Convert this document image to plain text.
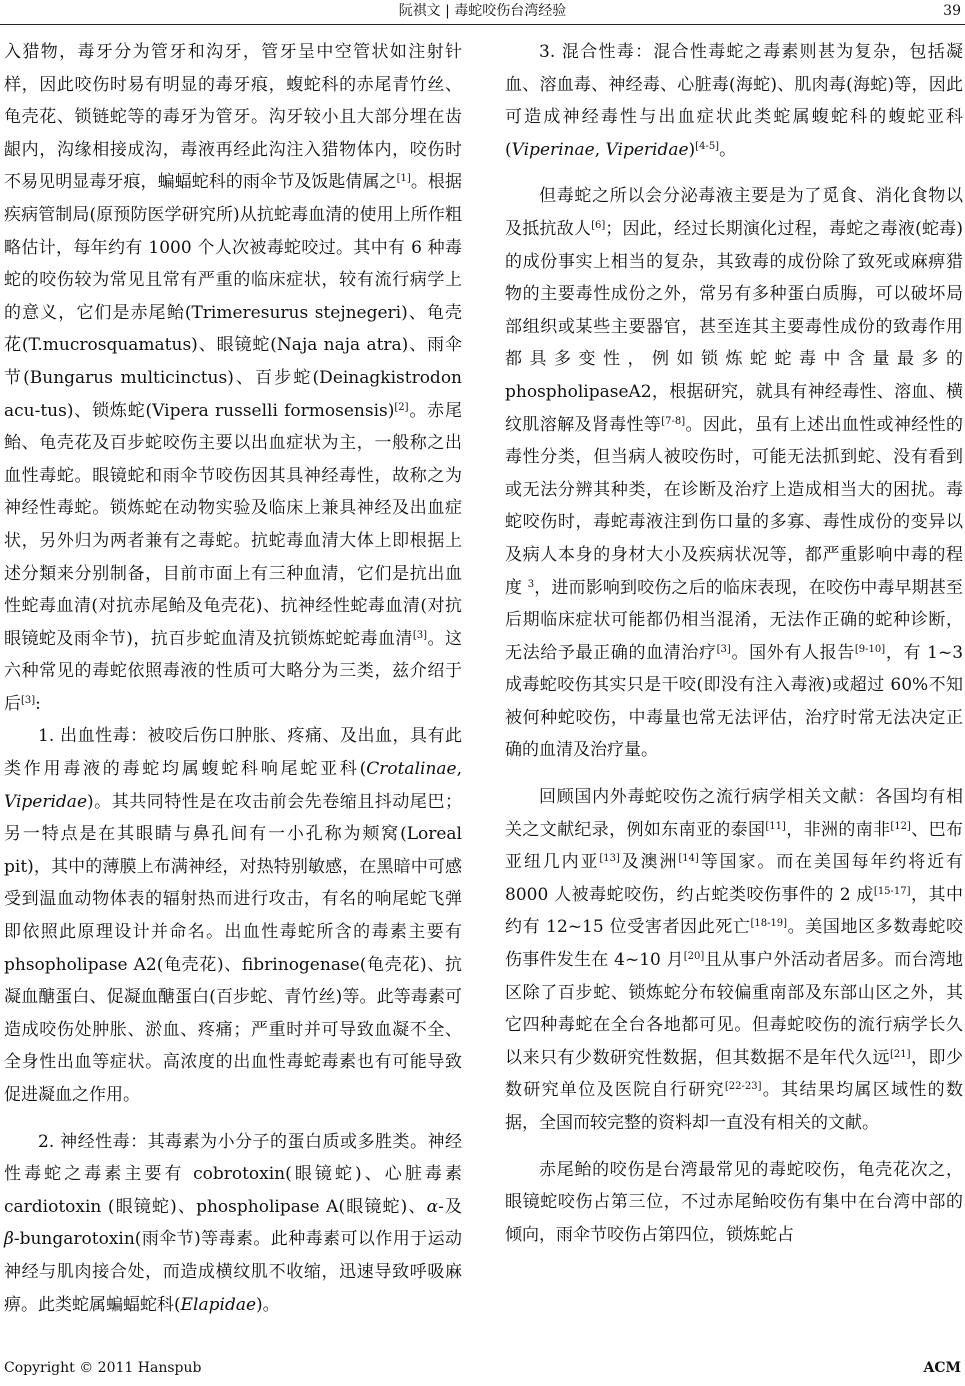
阮祺文 | 毒蛇咬伤台湾经验	39

入猎物，毒牙分为管牙和沟牙，管牙呈中空管状如注射针样，因此咬伤时易有明显的毒牙痕，蝮蛇科的赤尾青竹丝、龟壳花、锁链蛇等的毒牙为管牙。沟牙较小且大部分埋在齿龈内，沟缘相接成沟，毒液再经此沟注入猎物体内，咬伤时不易见明显毒牙痕，蝙蝠蛇科的雨伞节及饭匙倩属之[1]。根据疾病管制局(原预防医学研究所)从抗蛇毒血清的使用上所作粗略估计，每年约有 1000 个人次被毒蛇咬过。其中有 6 种毒蛇的咬伤较为常见且常有严重的临床症状，较有流行病学上的意义，它们是赤尾鲐(Trimeresurus stejnegeri)、龟壳花(T.mucrosquamatus)、眼镜蛇(Naja naja atra)、雨伞节(Bungarus multicinctus)、百步蛇(Deinagkistrodon acu-tus)、锁炼蛇(Vipera russelli formosensis)[2]。赤尾鲐、龟壳花及百步蛇咬伤主要以出血症状为主，一般称之出血性毒蛇。眼镜蛇和雨伞节咬伤因其具神经毒性，故称之为神经性毒蛇。锁炼蛇在动物实验及临床上兼具神经及出血症状，另外归为两者兼有之毒蛇。抗蛇毒血清大体上即根据上述分類来分别制备，目前市面上有三种血清，它们是抗出血性蛇毒血清(对抗赤尾鲐及龟壳花)、抗神经性蛇毒血清(对抗眼镜蛇及雨伞节)，抗百步蛇血清及抗锁炼蛇蛇毒血清[3]。这六种常见的毒蛇依照毒液的性质可大略分为三类，兹介绍于后[3]:

1. 出血性毒：被咬后伤口肿胀、疼痛、及出血，具有此类作用毒液的毒蛇均属蝮蛇科响尾蛇亚科(Crotalinae, Viperidae)。其共同特性是在攻击前会先卷缩且抖动尾巴；另一特点是在其眼睛与鼻孔间有一小孔称为颊窝(Loreal pit)，其中的薄膜上布满神经，对热特别敏感，在黑暗中可感受到温血动物体表的辐射热而进行攻击，有名的响尾蛇飞弹即依照此原理设计并命名。出血性毒蛇所含的毒素主要有 phsopholipase A2(龟壳花)、fibrinogenase(龟壳花)、抗凝血醣蛋白、促凝血醣蛋白(百步蛇、青竹丝)等。此等毒素可造成咬伤处肿胀、淤血、疼痛；严重时并可导致血凝不全、全身性出血等症状。高浓度的出血性毒蛇毒素也有可能导致促进凝血之作用。

2. 神经性毒：其毒素为小分子的蛋白质或多胜类。神经性毒蛇之毒素主要有 cobrotoxin(眼镜蛇)、心脏毒素 cardiotoxin (眼镜蛇)、phospholipase A(眼镜蛇)、α-及 β-bungarotoxin(雨伞节)等毒素。此种毒素可以作用于运动神经与肌肉接合处，而造成横纹肌不收缩，迅速导致呼吸麻痹。此类蛇属蝙蝠蛇科(Elapidae)。

3. 混合性毒：混合性毒蛇之毒素则甚为复杂，包括凝血、溶血毒、神经毒、心脏毒(海蛇)、肌肉毒(海蛇)等，因此可造成神经毒性与出血症状此类蛇属蝮蛇科的蝮蛇亚科(Viperinae, Viperidae)[4-5]。

但毒蛇之所以会分泌毒液主要是为了觅食、消化食物以及抵抗敌人[6]；因此，经过长期演化过程，毒蛇之毒液(蛇毒)的成份事实上相当的复杂，其致毒的成份除了致死或麻痹猎物的主要毒性成份之外，常另有多种蛋白质脢，可以破坏局部组织或某些主要器官，甚至连其主要毒性成份的致毒作用都具多变性，例如锁炼蛇蛇毒中含量最多的 phospholipaseA2，根据研究，就具有神经毒性、溶血、横纹肌溶解及肾毒性等[7-8]。因此，虽有上述出血性或神经性的毒性分类，但当病人被咬伤时，可能无法抓到蛇、没有看到或无法分辨其种类，在诊断及治疗上造成相当大的困扰。毒蛇咬伤时，毒蛇毒液注到伤口量的多寡、毒性成份的变异以及病人本身的身材大小及疾病状况等，都严重影响中毒的程度 $^3$，进而影响到咬伤之后的临床表现，在咬伤中毒早期甚至后期临床症状可能都仍相当混淆，无法作正确的蛇种诊断，无法给予最正确的血清治疗[3]。国外有人报告[9-10]，有 1~3 成毒蛇咬伤其实只是干咬(即没有注入毒液)或超过 60%不知被何种蛇咬伤，中毒量也常无法评估，治疗时常无法决定正确的血清及治疗量。

回顾国内外毒蛇咬伤之流行病学相关文献：各国均有相关之文献纪录，例如东南亚的泰国[11]，非洲的南非[12]、巴布亚纽几内亚[13]及澳洲[14]等国家。而在美国每年约将近有 8000 人被毒蛇咬伤，约占蛇类咬伤事件的 2 成[15-17]，其中约有 12~15 位受害者因此死亡[18-19]。美国地区多数毒蛇咬伤事件发生在 4~10 月[20]且从事户外活动者居多。而台湾地区除了百步蛇、锁炼蛇分布较偏重南部及东部山区之外，其它四种毒蛇在全台各地都可见。但毒蛇咬伤的流行病学长久以来只有少数研究性数据，但其数据不是年代久远[21]，即少数研究单位及医院自行研究[22-23]。其结果均属区域性的数据，全国而较完整的资料却一直没有相关的文献。

赤尾鲐的咬伤是台湾最常见的毒蛇咬伤，龟壳花次之，眼镜蛇咬伤占第三位，不过赤尾鲐咬伤有集中在台湾中部的倾向，雨伞节咬伤占第四位，锁炼蛇占

Copyright © 2011 Hanspub	ACM
